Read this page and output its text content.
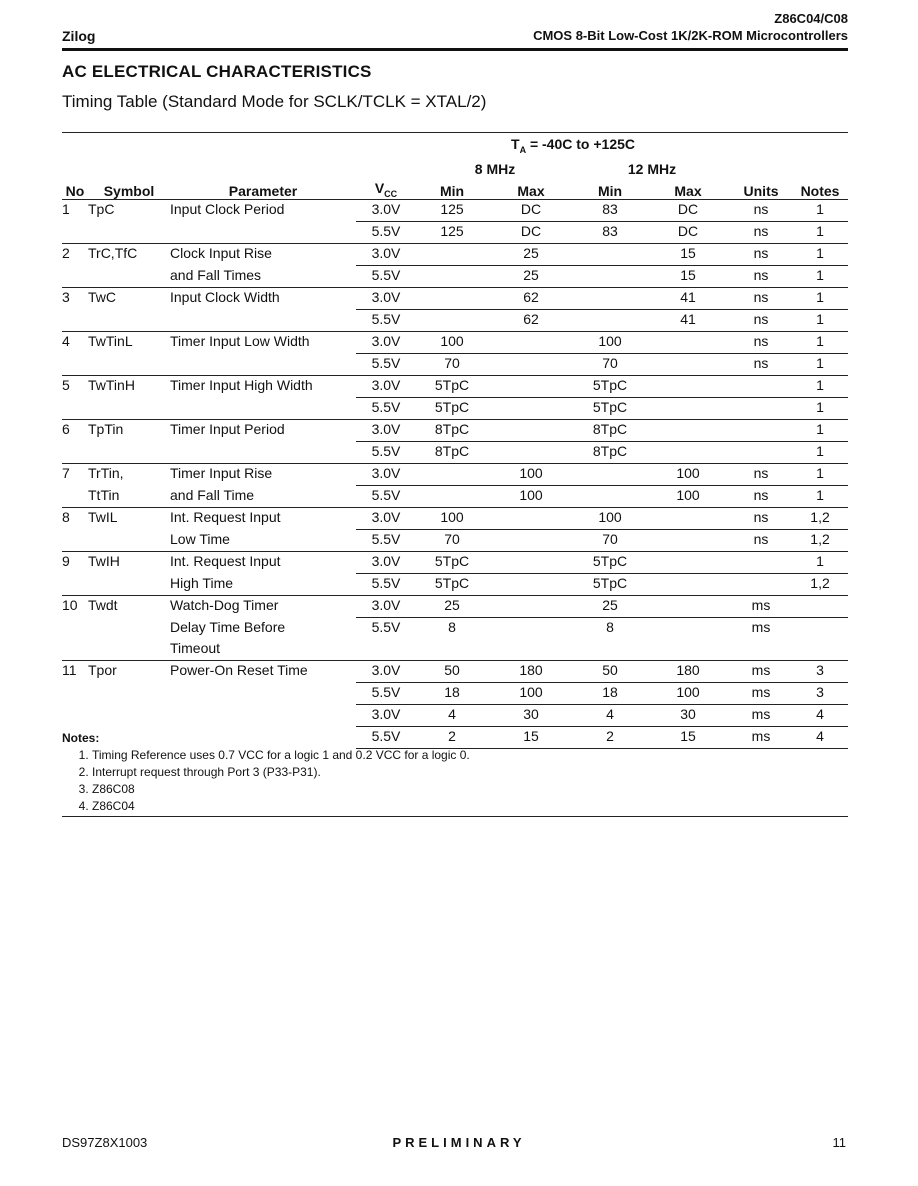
Zilog
Z86C04/C08
CMOS 8-Bit Low-Cost 1K/2K-ROM Microcontrollers
AC ELECTRICAL CHARACTERISTICS
Timing Table (Standard Mode for SCLK/TCLK = XTAL/2)
				$T_A = -40C$ to +125C					
				8 MHz		12 MHz			
No	Symbol	Parameter	$V_{CC}$	Min	Max	Min	Max	Units	Notes
1	TpC	Input Clock Period	3.0V	125	DC	83	DC	ns	1
			5.5V	125	DC	83	DC	ns	1
2	TrC,TfC	Clock Input Rise	3.0V		25		15	ns	1
		and Fall Times	5.5V		25		15	ns	1
3	TwC	Input Clock Width	3.0V		62		41	ns	1
			5.5V		62		41	ns	1
4	TwTinL	Timer Input Low Width	3.0V	100		100		ns	1
			5.5V	70		70		ns	1
5	TwTinH	Timer Input High Width	3.0V	5TpC		5TpC			1
			5.5V	5TpC		5TpC			1
6	TpTin	Timer Input Period	3.0V	8TpC		8TpC			1
			5.5V	8TpC		8TpC			1
7	TrTin,	Timer Input Rise	3.0V		100		100	ns	1
	TtTin	and Fall Time	5.5V		100		100	ns	1
8	TwIL	Int. Request Input	3.0V	100		100		ns	1,2
		Low Time	5.5V	70		70		ns	1,2
9	TwIH	Int. Request Input	3.0V	5TpC		5TpC			1
		High Time	5.5V	5TpC		5TpC			1,2
10	Twdt	Watch-Dog Timer	3.0V	25		25		ms	
		Delay Time Before	5.5V	8		8		ms	
		Timeout							
11	Tpor	Power-On Reset Time	3.0V	50	180	50	180	ms	3
			5.5V	18	100	18	100	ms	3
			3.0V	4	30	4	30	ms	4
			5.5V	2	15	2	15	ms	4
Notes:
1. Timing Reference uses 0.7 VCC for a logic 1 and 0.2 VCC for a logic 0.
2. Interrupt request through Port 3 (P33-P31).
3. Z86C08
4. Z86C04
DS97Z8X1003	PRELIMINARY	11
